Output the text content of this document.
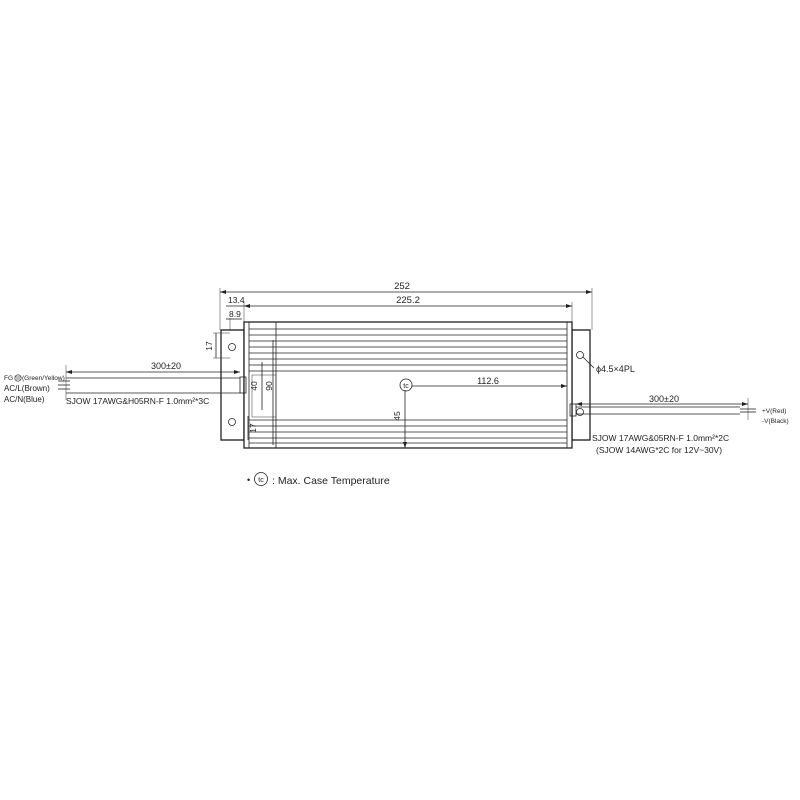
252
225.2
13.4
8.9
17
17
40 90
45
112.6
tc
ϕ4.5×4PL
300±20
SJOW 17AWG&H05RN-F 1.0mm²*3C
FG (Green/Yellow)
AC/L(Brown)
AC/N(Blue)	300±20
SJOW 17AWG&05RN-F 1.0mm²*2C
(SJOW 14AWG*2C for 12V~30V)
+V(Red)
-V(Black)
• tc : Max. Case Temperature
